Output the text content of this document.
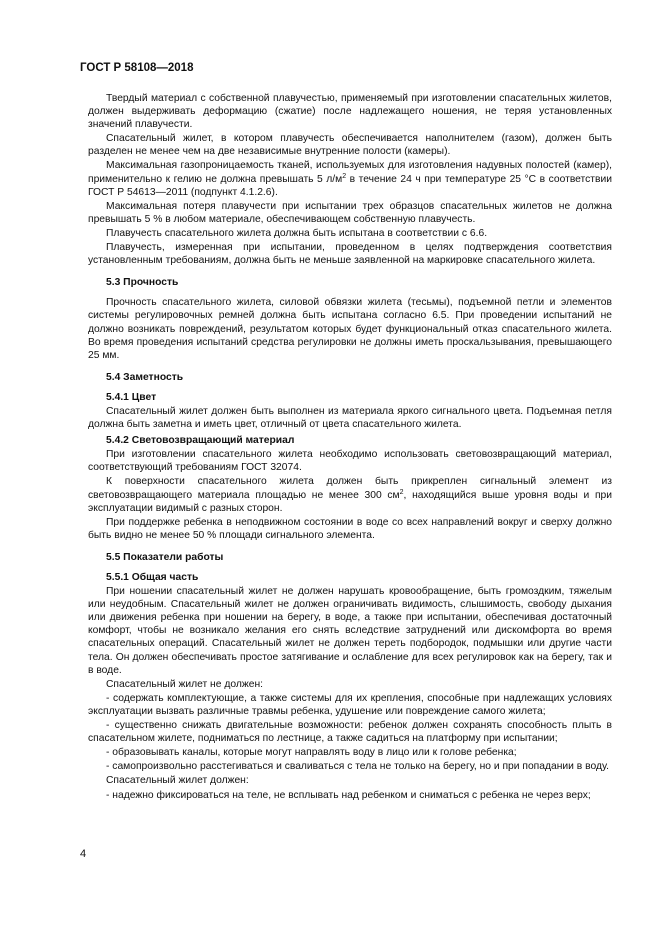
ГОСТ Р 58108—2018

Твердый материал с собственной плавучестью, применяемый при изготовлении спасательных жилетов, должен выдерживать деформацию (сжатие) после надлежащего ношения, не теряя установленных значений плавучести.

Спасательный жилет, в котором плавучесть обеспечивается наполнителем (газом), должен быть разделен не менее чем на две независимые внутренние полости (камеры).

Максимальная газопроницаемость тканей, используемых для изготовления надувных полостей (камер), применительно к гелию не должна превышать 5 $л/м^2$ в течение 24 ч при температуре 25 °С в соответствии ГОСТ Р 54613—2011 (подпункт 4.1.2.6).

Максимальная потеря плавучести при испытании трех образцов спасательных жилетов не должна превышать 5 % в любом материале, обеспечивающем собственную плавучесть.

Плавучесть спасательного жилета должна быть испытана в соответствии с 6.6.

Плавучесть, измеренная при испытании, проведенном в целях подтверждения соответствия установленным требованиям, должна быть не меньше заявленной на маркировке спасательного жилета.

5.3 Прочность

Прочность спасательного жилета, силовой обвязки жилета (тесьмы), подъемной петли и элементов системы регулировочных ремней должна быть испытана согласно 6.5. При проведении испытаний не должно возникать повреждений, результатом которых будет функциональный отказ спасательного жилета. Во время проведения испытаний средства регулировки не должны иметь проскальзывания, превышающего 25 мм.

5.4 Заметность
5.4.1 Цвет

Спасательный жилет должен быть выполнен из материала яркого сигнального цвета. Подъемная петля должна быть заметна и иметь цвет, отличный от цвета спасательного жилета.

5.4.2 Световозвращающий материал

При изготовлении спасательного жилета необходимо использовать световозвращающий материал, соответствующий требованиям ГОСТ 32074.

К поверхности спасательного жилета должен быть прикреплен сигнальный элемент из световозвращающего материала площадью не менее 300 $см^2$, находящийся выше уровня воды и при эксплуатации видимый с разных сторон.

При поддержке ребенка в неподвижном состоянии в воде со всех направлений вокруг и сверху должно быть видно не менее 50 % площади сигнального элемента.

5.5 Показатели работы
5.5.1 Общая часть

При ношении спасательный жилет не должен нарушать кровообращение, быть громоздким, тяжелым или неудобным. Спасательный жилет не должен ограничивать видимость, слышимость, свободу дыхания или движения ребенка при ношении на берегу, в воде, а также при испытании, обеспечивая достаточный комфорт, чтобы не возникало желания его снять вследствие затруднений или дискомфорта во время спасательных операций. Спасательный жилет не должен тереть подбородок, подмышки или другие части тела. Он должен обеспечивать простое затягивание и ослабление для всех регулировок как на берегу, так и в воде.

Спасательный жилет не должен:

- содержать комплектующие, а также системы для их крепления, способные при надлежащих условиях эксплуатации вызвать различные травмы ребенка, удушение или повреждение самого жилета;

- существенно снижать двигательные возможности: ребенок должен сохранять способность плыть в спасательном жилете, подниматься по лестнице, а также садиться на платформу при испытании;

- образовывать каналы, которые могут направлять воду в лицо или к голове ребенка;

- самопроизвольно расстегиваться и сваливаться с тела не только на берегу, но и при попадании в воду.

Спасательный жилет должен:

- надежно фиксироваться на теле, не всплывать над ребенком и сниматься с ребенка не через верх;

4
